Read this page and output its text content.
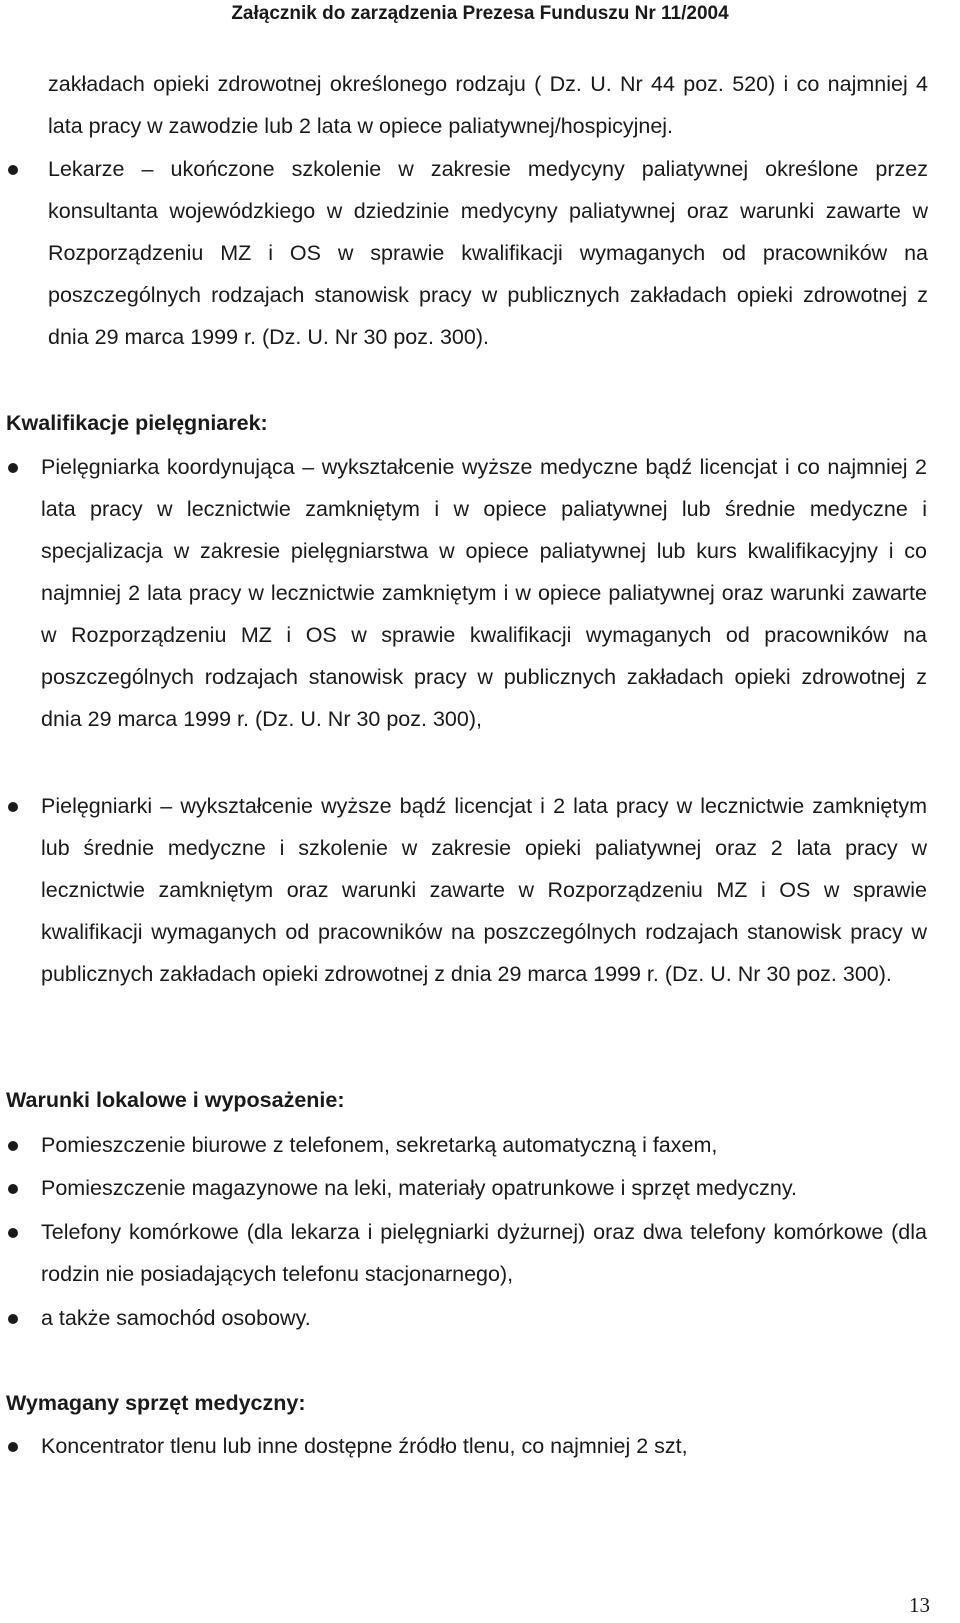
Załącznik do zarządzenia Prezesa Funduszu Nr 11/2004
zakładach opieki zdrowotnej określonego rodzaju ( Dz. U. Nr 44 poz. 520) i co najmniej 4 lata pracy w zawodzie lub 2 lata w opiece paliatywnej/hospicyjnej.
Lekarze – ukończone szkolenie w zakresie medycyny paliatywnej określone przez konsultanta wojewódzkiego w dziedzinie medycyny paliatywnej oraz warunki zawarte w Rozporządzeniu MZ i OS w sprawie kwalifikacji wymaganych od pracowników na poszczególnych rodzajach stanowisk pracy w publicznych zakładach opieki zdrowotnej z dnia 29 marca 1999 r. (Dz. U. Nr 30 poz. 300).
Kwalifikacje pielęgniarek:
Pielęgniarka koordynująca – wykształcenie wyższe medyczne bądź licencjat i co najmniej 2 lata pracy w lecznictwie zamkniętym i w opiece paliatywnej lub średnie medyczne i specjalizacja w zakresie pielęgniarstwa w opiece paliatywnej lub kurs kwalifikacyjny i co najmniej 2 lata pracy w lecznictwie zamkniętym i w opiece paliatywnej oraz warunki zawarte w Rozporządzeniu MZ i OS w sprawie kwalifikacji wymaganych od pracowników na poszczególnych rodzajach stanowisk pracy w publicznych zakładach opieki zdrowotnej z dnia 29 marca 1999 r. (Dz. U. Nr 30 poz. 300),
Pielęgniarki – wykształcenie wyższe bądź licencjat i 2 lata pracy w lecznictwie zamkniętym lub średnie medyczne i szkolenie w zakresie opieki paliatywnej oraz 2 lata pracy w lecznictwie zamkniętym oraz warunki zawarte w Rozporządzeniu MZ i OS w sprawie kwalifikacji wymaganych od pracowników na poszczególnych rodzajach stanowisk pracy w publicznych zakładach opieki zdrowotnej z dnia 29 marca 1999 r. (Dz. U. Nr 30 poz. 300).
Warunki lokalowe i wyposażenie:
Pomieszczenie biurowe z telefonem, sekretarką automatyczną i faxem,
Pomieszczenie magazynowe na leki, materiały opatrunkowe i sprzęt medyczny.
Telefony komórkowe (dla lekarza i pielęgniarki dyżurnej) oraz dwa telefony komórkowe (dla rodzin nie posiadających telefonu stacjonarnego),
a także samochód osobowy.
Wymagany sprzęt medyczny:
Koncentrator tlenu lub inne dostępne źródło tlenu, co najmniej 2 szt,
13
